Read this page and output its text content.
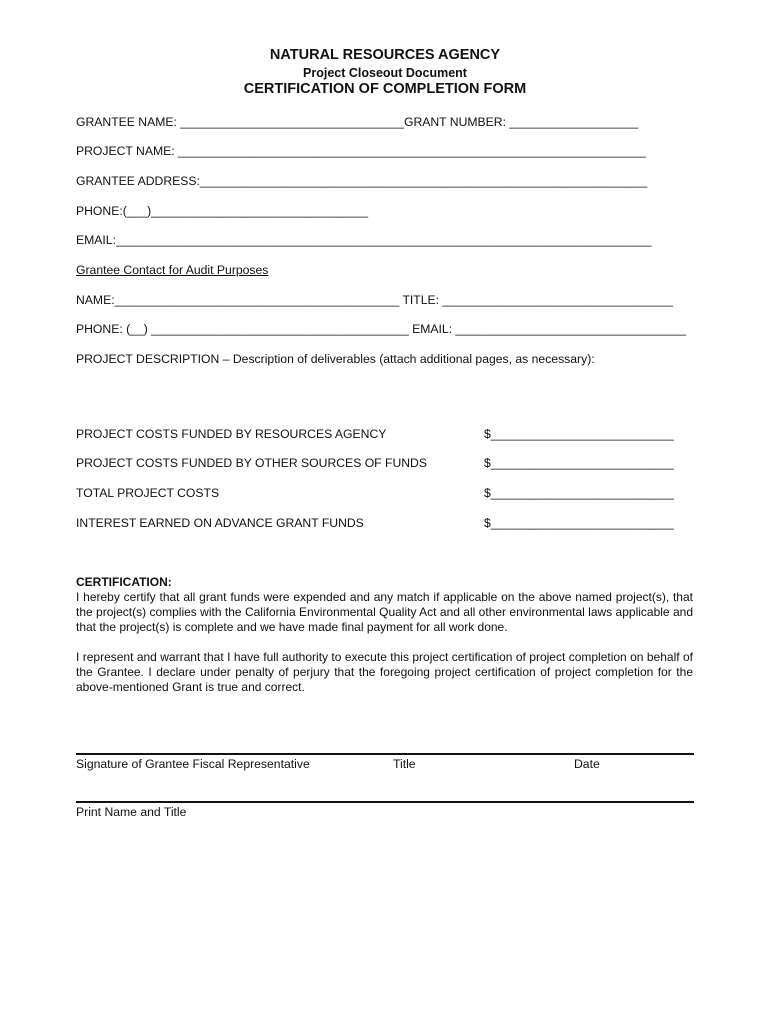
NATURAL RESOURCES AGENCY
Project Closeout Document
CERTIFICATION OF COMPLETION FORM
GRANTEE NAME: _________________________________GRANT NUMBER: ___________________
PROJECT NAME: _____________________________________________________________________
GRANTEE ADDRESS:__________________________________________________________________
PHONE:(___)________________________________
EMAIL:_______________________________________________________________________________
Grantee Contact for Audit Purposes
NAME:__________________________________________ TITLE: __________________________________
PHONE: (__) ______________________________________ EMAIL: __________________________________
PROJECT DESCRIPTION – Description of deliverables (attach additional pages, as necessary):
PROJECT COSTS FUNDED BY RESOURCES AGENCY	$___________________________
PROJECT COSTS FUNDED BY OTHER SOURCES OF FUNDS	$___________________________
TOTAL PROJECT COSTS	$___________________________
INTEREST EARNED ON ADVANCE GRANT FUNDS	$___________________________
CERTIFICATION:
I hereby certify that all grant funds were expended and any match if applicable on the above named project(s), that the project(s) complies with the California Environmental Quality Act and all other environmental laws applicable and that the project(s) is complete and we have made final payment for all work done.
I represent and warrant that I have full authority to execute this project certification of project completion on behalf of the Grantee. I declare under penalty of perjury that the foregoing project certification of project completion for the above-mentioned Grant is true and correct.
Signature of Grantee Fiscal Representative	Title	Date
Print Name and Title
